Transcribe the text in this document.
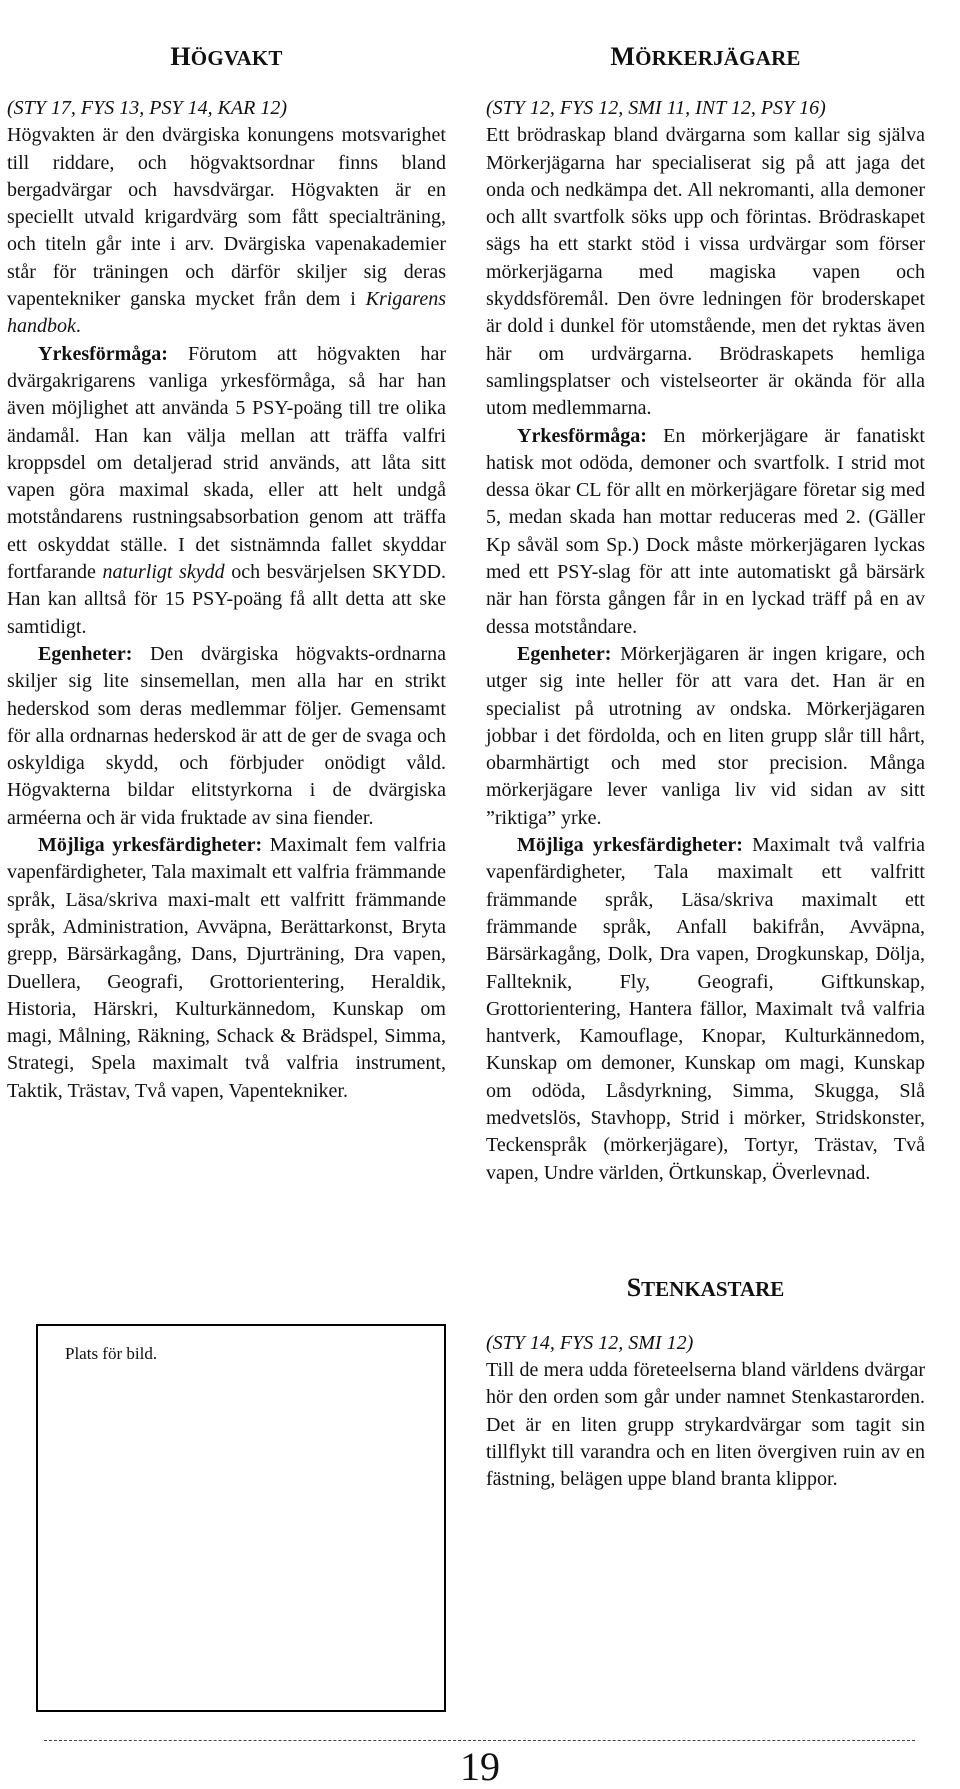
HÖGVAKT

(STY 17, FYS 13, PSY 14, KAR 12)

Högvakten är den dvärgiska konungens motsvarighet till riddare, och högvaktsordnar finns bland bergadvärgar och havsdvärgar. Högvakten är en speciellt utvald krigardvärg som fått specialträning, och titeln går inte i arv. Dvärgiska vapenakademier står för träningen och därför skiljer sig deras vapentekniker ganska mycket från dem i Krigarens handbok.

Yrkesförmåga: Förutom att högvakten har dvärgakrigarens vanliga yrkesförmåga, så har han även möjlighet att använda 5 PSY-poäng till tre olika ändamål. Han kan välja mellan att träffa valfri kroppsdel om detaljerad strid används, att låta sitt vapen göra maximal skada, eller att helt undgå motståndarens rustningsabsorbation genom att träffa ett oskyddat ställe. I det sistnämnda fallet skyddar fortfarande naturligt skydd och besvärjelsen SKYDD. Han kan alltså för 15 PSY-poäng få allt detta att ske samtidigt.

Egenheter: Den dvärgiska högvakts-ordnarna skiljer sig lite sinsemellan, men alla har en strikt hederskod som deras medlemmar följer. Gemensamt för alla ordnarnas hederskod är att de ger de svaga och oskyldiga skydd, och förbjuder onödigt våld. Högvakterna bildar elitstyrkorna i de dvärgiska arméerna och är vida fruktade av sina fiender.

Möjliga yrkesfärdigheter: Maximalt fem valfria vapenfärdigheter, Tala maximalt ett valfria främmande språk, Läsa/skriva maxi-malt ett valfritt främmande språk, Administration, Avväpna, Berättarkonst, Bryta grepp, Bärsärkagång, Dans, Djurträning, Dra vapen, Duellera, Geografi, Grottorientering, Heraldik, Historia, Härskri, Kulturkännedom, Kunskap om magi, Målning, Räkning, Schack & Brädspel, Simma, Strategi, Spela maximalt två valfria instrument, Taktik, Trästav, Två vapen, Vapentekniker.

Plats för bild.
MÖRKERJÄGARE

(STY 12, FYS 12, SMI 11, INT 12, PSY 16)

Ett brödraskap bland dvärgarna som kallar sig själva Mörkerjägarna har specialiserat sig på att jaga det onda och nedkämpa det. All nekromanti, alla demoner och allt svartfolk söks upp och förintas. Brödraskapet sägs ha ett starkt stöd i vissa urdvärgar som förser mörkerjägarna med magiska vapen och skyddsföremål. Den övre ledningen för broderskapet är dold i dunkel för utomstående, men det ryktas även här om urdvärgarna. Brödraskapets hemliga samlingsplatser och vistelseorter är okända för alla utom medlemmarna.

Yrkesförmåga: En mörkerjägare är fanatiskt hatisk mot odöda, demoner och svartfolk. I strid mot dessa ökar CL för allt en mörkerjägare företar sig med 5, medan skada han mottar reduceras med 2. (Gäller Kp såväl som Sp.) Dock måste mörkerjägaren lyckas med ett PSY-slag för att inte automatiskt gå bärsärk när han första gången får in en lyckad träff på en av dessa motståndare.

Egenheter: Mörkerjägaren är ingen krigare, och utger sig inte heller för att vara det. Han är en specialist på utrotning av ondska. Mörkerjägaren jobbar i det fördolda, och en liten grupp slår till hårt, obarmhärtigt och med stor precision. Många mörkerjägare lever vanliga liv vid sidan av sitt ”riktiga” yrke.

Möjliga yrkesfärdigheter: Maximalt två valfria vapenfärdigheter, Tala maximalt ett valfritt främmande språk, Läsa/skriva maximalt ett främmande språk, Anfall bakifrån, Avväpna, Bärsärkagång, Dolk, Dra vapen, Drogkunskap, Dölja, Fallteknik, Fly, Geografi, Giftkunskap, Grottorientering, Hantera fällor, Maximalt två valfria hantverk, Kamouflage, Knopar, Kulturkännedom, Kunskap om demoner, Kunskap om magi, Kunskap om odöda, Låsdyrkning, Simma, Skugga, Slå medvetslös, Stavhopp, Strid i mörker, Stridskonster, Teckenspråk (mörkerjägare), Tortyr, Trästav, Två vapen, Undre världen, Örtkunskap, Överlevnad.

STENKASTARE

(STY 14, FYS 12, SMI 12)

Till de mera udda företeelserna bland världens dvärgar hör den orden som går under namnet Stenkastarorden. Det är en liten grupp strykardvärgar som tagit sin tillflykt till varandra och en liten övergiven ruin av en fästning, belägen uppe bland branta klippor.

19
